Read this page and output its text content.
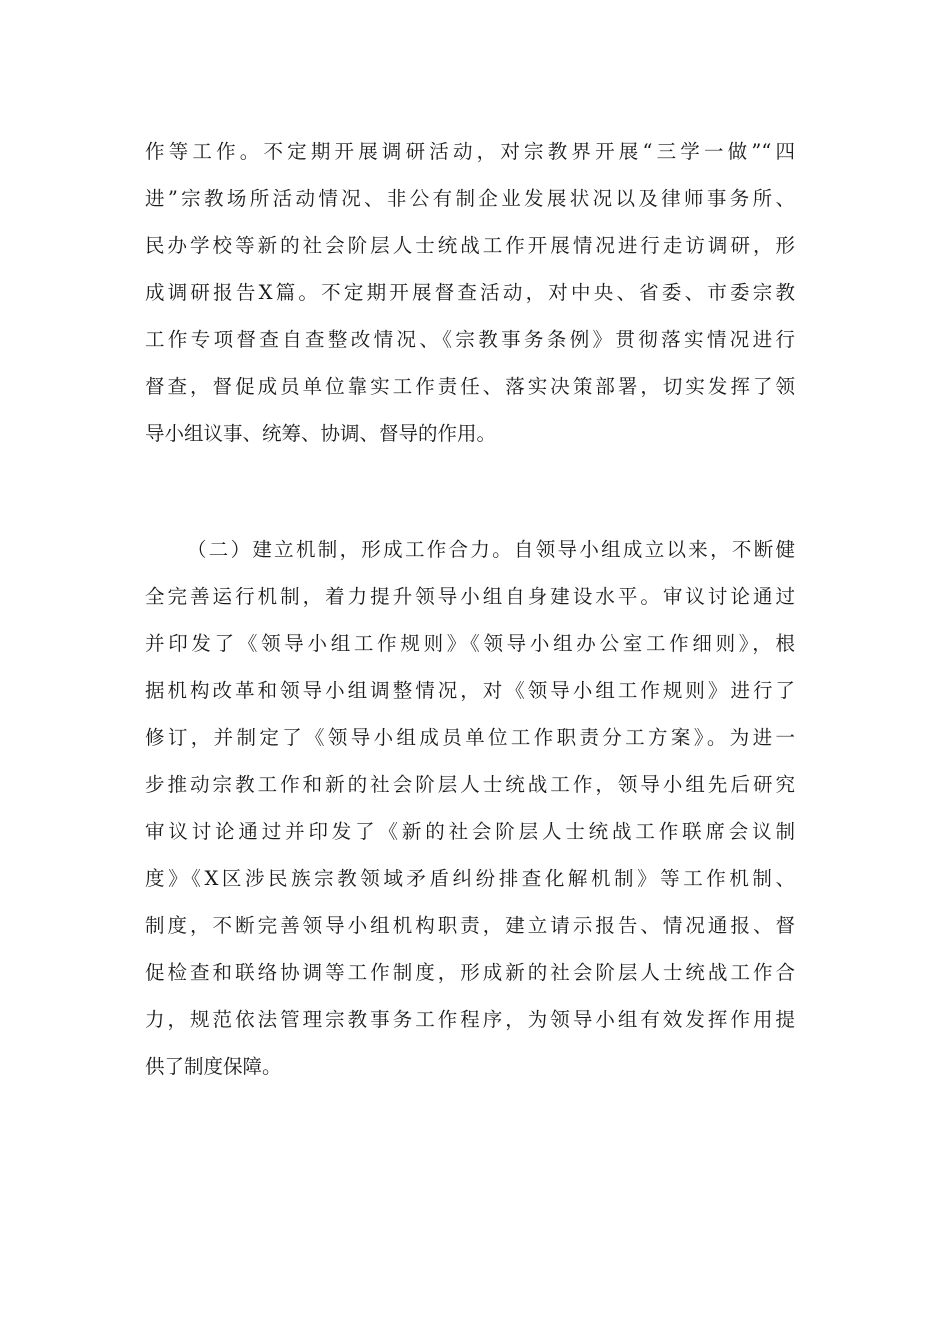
作等工作。不定期开展调研活动，对宗教界开展“三学一做”“四
进”宗教场所活动情况、非公有制企业发展状况以及律师事务所、
民办学校等新的社会阶层人士统战工作开展情况进行走访调研，形
成调研报告X篇。不定期开展督查活动，对中央、省委、市委宗教
工作专项督查自查整改情况、《宗教事务条例》贯彻落实情况进行
督查，督促成员单位靠实工作责任、落实决策部署，切实发挥了领
导小组议事、统筹、协调、督导的作用。
（二）建立机制，形成工作合力。自领导小组成立以来，不断健
全完善运行机制，着力提升领导小组自身建设水平。审议讨论通过
并印发了《领导小组工作规则》《领导小组办公室工作细则》，根
据机构改革和领导小组调整情况，对《领导小组工作规则》进行了
修订，并制定了《领导小组成员单位工作职责分工方案》。为进一
步推动宗教工作和新的社会阶层人士统战工作，领导小组先后研究
审议讨论通过并印发了《新的社会阶层人士统战工作联席会议制
度》《X区涉民族宗教领域矛盾纠纷排查化解机制》等工作机制、
制度，不断完善领导小组机构职责，建立请示报告、情况通报、督
促检查和联络协调等工作制度，形成新的社会阶层人士统战工作合
力，规范依法管理宗教事务工作程序，为领导小组有效发挥作用提
供了制度保障。
